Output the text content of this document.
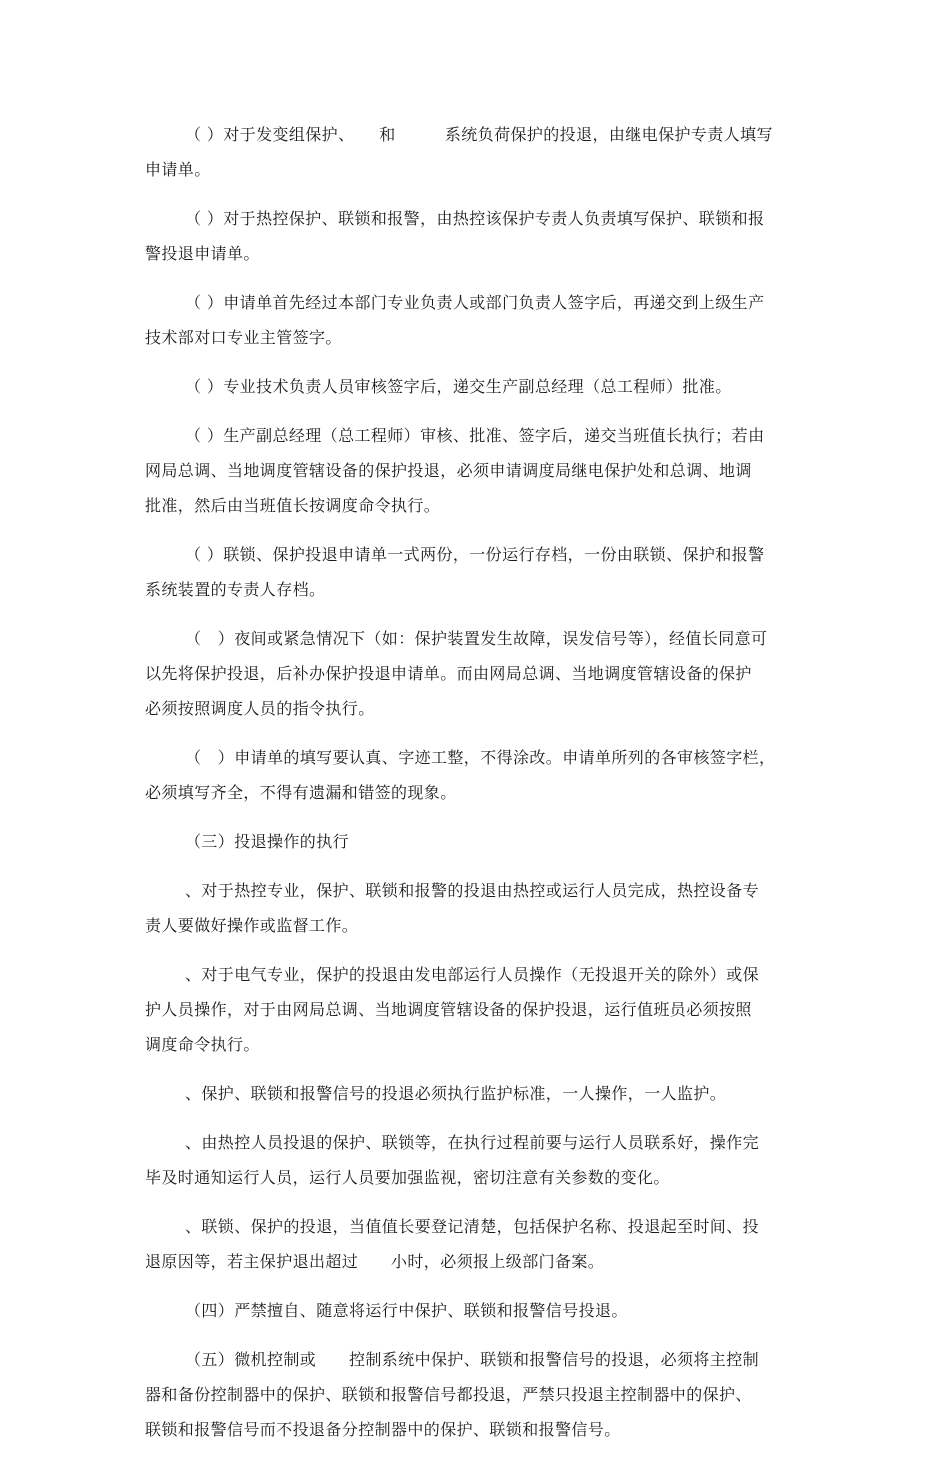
（ ）对于发变组保护、　　和　　　系统负荷保护的投退，由继电保护专责人填写
申请单。

（ ）对于热控保护、联锁和报警，由热控该保护专责人负责填写保护、联锁和报
警投退申请单。

（ ）申请单首先经过本部门专业负责人或部门负责人签字后，再递交到上级生产
技术部对口专业主管签字。

（ ）专业技术负责人员审核签字后，递交生产副总经理（总工程师）批准。

（ ）生产副总经理（总工程师）审核、批准、签字后，递交当班值长执行；若由
网局总调、当地调度管辖设备的保护投退，必须申请调度局继电保护处和总调、地调
批准，然后由当班值长按调度命令执行。

（ ）联锁、保护投退申请单一式两份，一份运行存档，一份由联锁、保护和报警
系统装置的专责人存档。

（　）夜间或紧急情况下（如：保护装置发生故障，误发信号等），经值长同意可
以先将保护投退，后补办保护投退申请单。而由网局总调、当地调度管辖设备的保护
必须按照调度人员的指令执行。

（　）申请单的填写要认真、字迹工整，不得涂改。申请单所列的各审核签字栏，
必须填写齐全，不得有遗漏和错签的现象。

（三）投退操作的执行

、对于热控专业，保护、联锁和报警的投退由热控或运行人员完成，热控设备专
责人要做好操作或监督工作。

、对于电气专业，保护的投退由发电部运行人员操作（无投退开关的除外）或保
护人员操作，对于由网局总调、当地调度管辖设备的保护投退，运行值班员必须按照
调度命令执行。

、保护、联锁和报警信号的投退必须执行监护标准，一人操作，一人监护。

、由热控人员投退的保护、联锁等，在执行过程前要与运行人员联系好，操作完
毕及时通知运行人员，运行人员要加强监视，密切注意有关参数的变化。

、联锁、保护的投退，当值值长要登记清楚，包括保护名称、投退起至时间、投
退原因等，若主保护退出超过　　小时，必须报上级部门备案。

（四）严禁擅自、随意将运行中保护、联锁和报警信号投退。

（五）微机控制或　　控制系统中保护、联锁和报警信号的投退，必须将主控制
器和备份控制器中的保护、联锁和报警信号都投退，严禁只投退主控制器中的保护、
联锁和报警信号而不投退备分控制器中的保护、联锁和报警信号。
